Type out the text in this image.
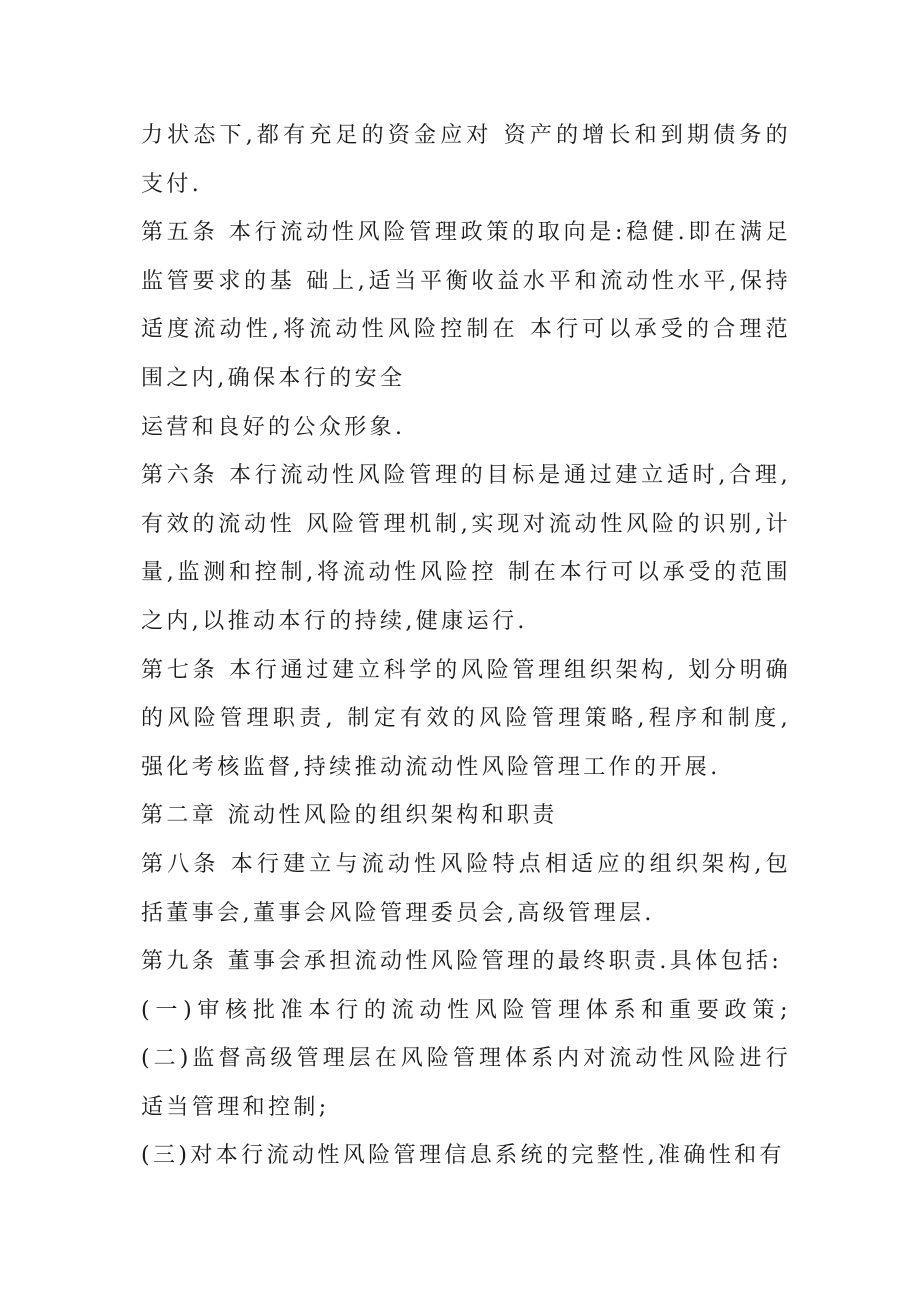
力状态下,都有充足的资金应对 资产的增长和到期债务的支付.

第五条 本行流动性风险管理政策的取向是:稳健.即在满足监管要求的基 础上,适当平衡收益水平和流动性水平,保持适度流动性,将流动性风险控制在 本行可以承受的合理范围之内,确保本行的安全

运营和良好的公众形象.

第六条 本行流动性风险管理的目标是通过建立适时,合理,有效的流动性 风险管理机制,实现对流动性风险的识别,计量,监测和控制,将流动性风险控 制在本行可以承受的范围之内,以推动本行的持续,健康运行.

第七条 本行通过建立科学的风险管理组织架构, 划分明确的风险管理职责, 制定有效的风险管理策略,程序和制度,强化考核监督,持续推动流动性风险管理工作的开展.

第二章 流动性风险的组织架构和职责

第八条 本行建立与流动性风险特点相适应的组织架构,包括董事会,董事会风险管理委员会,高级管理层.

第九条 董事会承担流动性风险管理的最终职责.具体包括:

(一)审核批准本行的流动性风险管理体系和重要政策; (二)监督高级管理层在风险管理体系内对流动性风险进行适当管理和控制;

(三)对本行流动性风险管理信息系统的完整性,准确性和有
